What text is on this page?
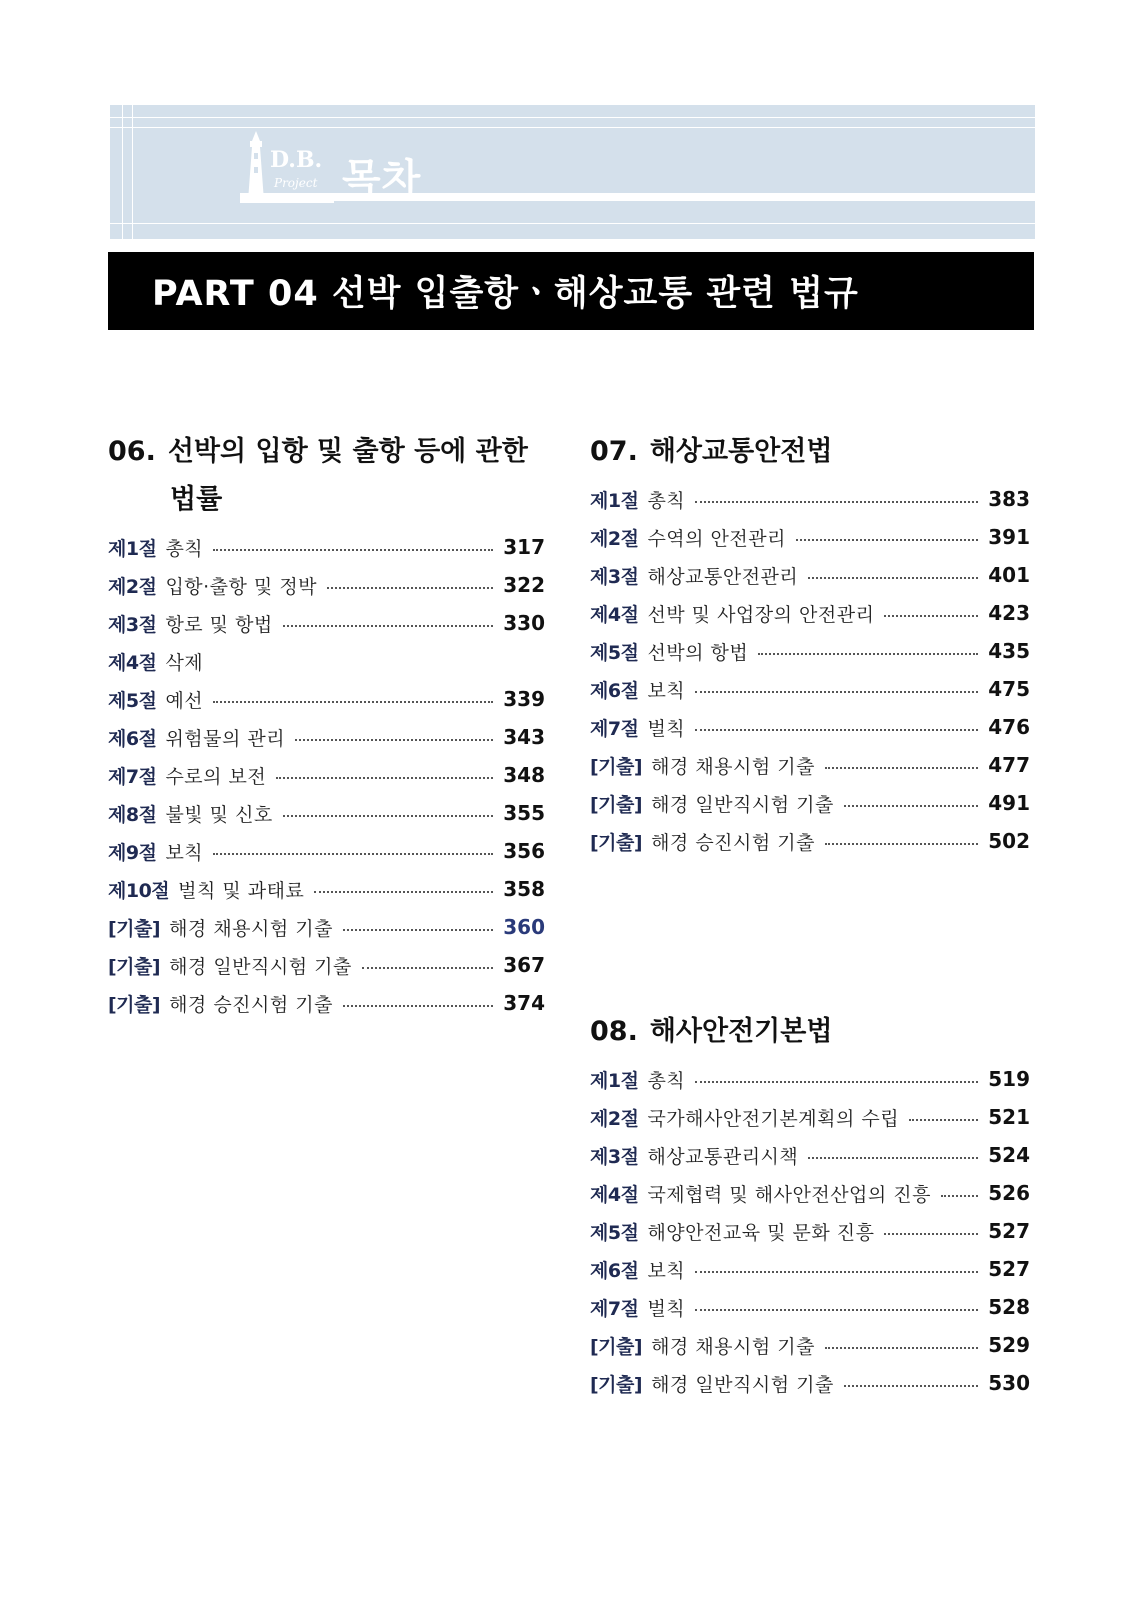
D.B.
Project 목차
PART 04 선박 입출항ㆍ해상교통 관련 법규
06. 선박의 입항 및 출항 등에 관한
법률
제1절 총칙	317
제2절 입항·출항 및 정박	322
제3절 항로 및 항법	330
제4절 삭제
제5절 예선	339
제6절 위험물의 관리	343
제7절 수로의 보전	348
제8절 불빛 및 신호	355
제9절 보칙	356
제10절 벌칙 및 과태료	358
[기출] 해경 채용시험 기출	360
[기출] 해경 일반직시험 기출	367
[기출] 해경 승진시험 기출	374
07. 해상교통안전법
제1절 총칙	383
제2절 수역의 안전관리	391
제3절 해상교통안전관리	401
제4절 선박 및 사업장의 안전관리	423
제5절 선박의 항법	435
제6절 보칙	475
제7절 벌칙	476
[기출] 해경 채용시험 기출	477
[기출] 해경 일반직시험 기출	491
[기출] 해경 승진시험 기출	502
08. 해사안전기본법
제1절 총칙	519
제2절 국가해사안전기본계획의 수립	521
제3절 해상교통관리시책	524
제4절 국제협력 및 해사안전산업의 진흥	526
제5절 해양안전교육 및 문화 진흥	527
제6절 보칙	527
제7절 벌칙	528
[기출] 해경 채용시험 기출	529
[기출] 해경 일반직시험 기출	530
